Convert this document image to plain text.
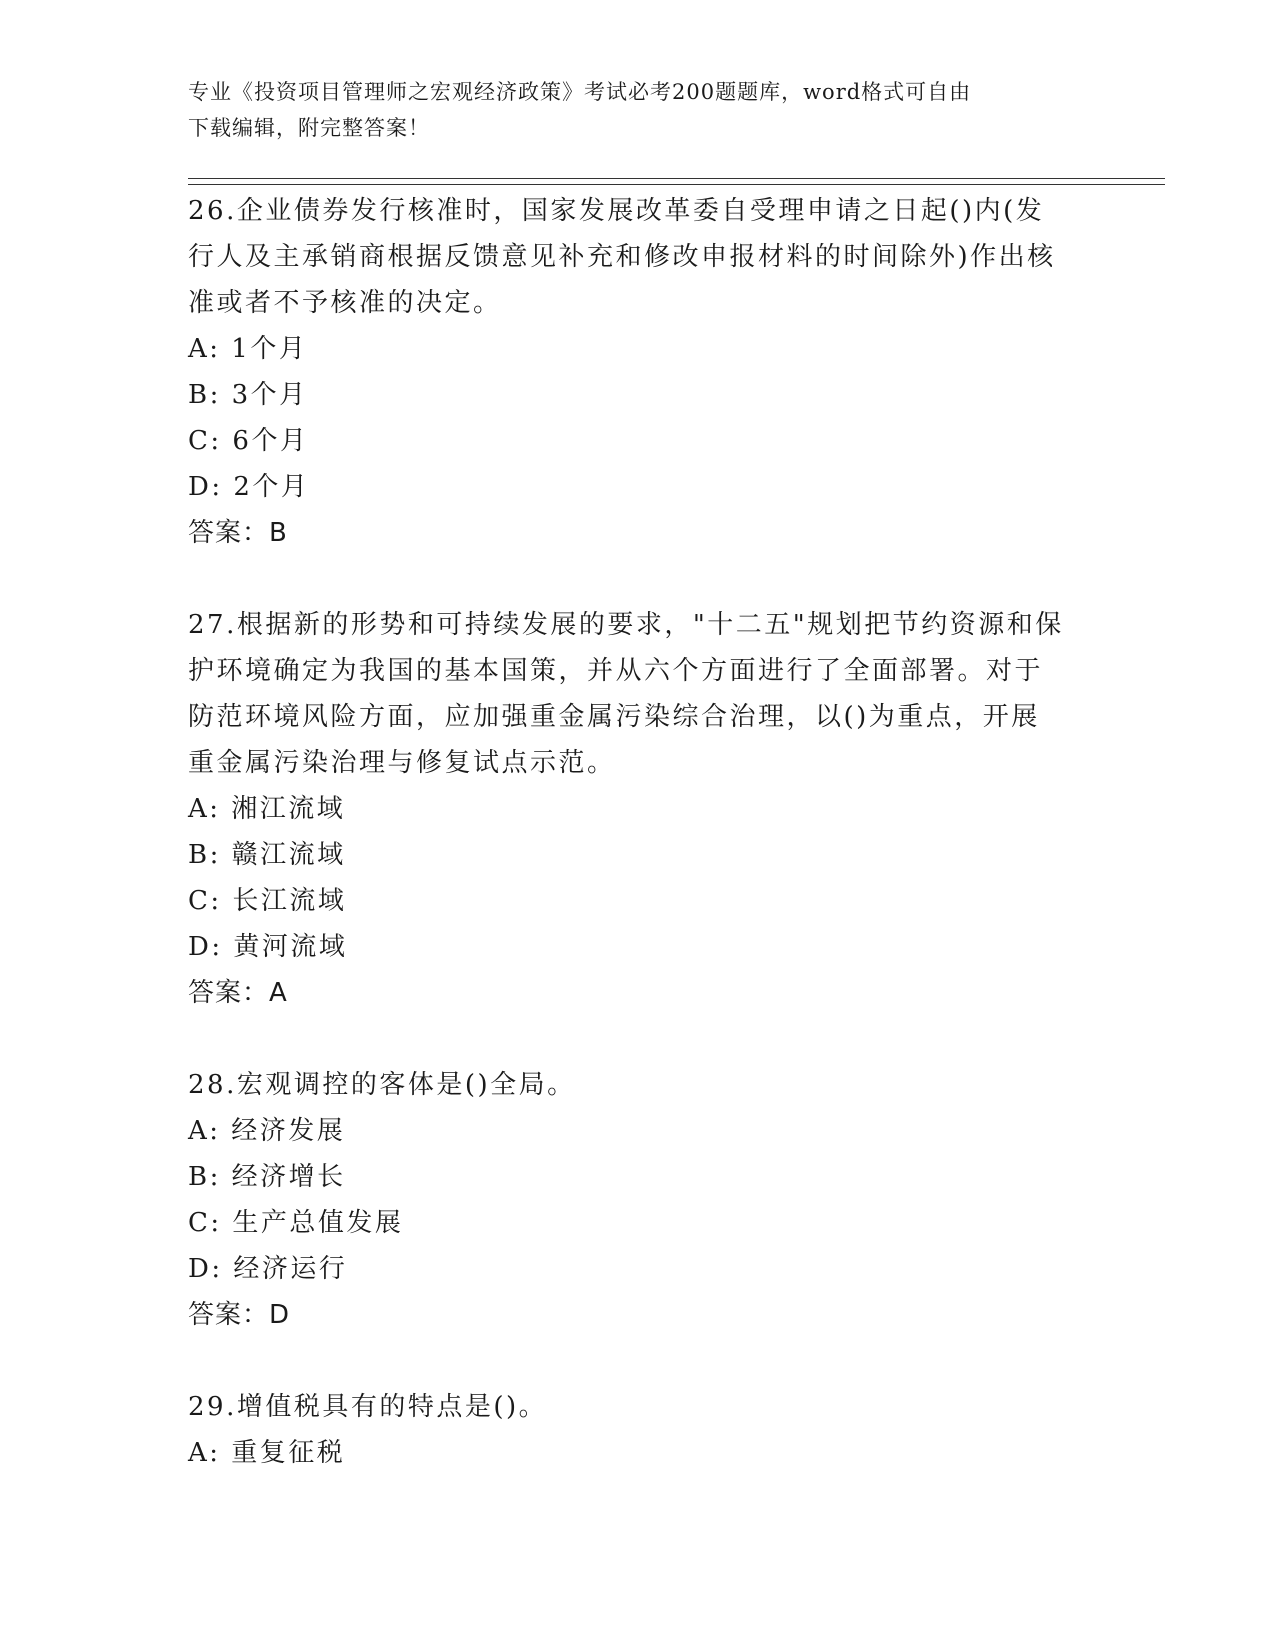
专业《投资项目管理师之宏观经济政策》考试必考200题题库，word格式可自由
下载编辑，附完整答案！
26.企业债券发行核准时，国家发展改革委自受理申请之日起()内(发
行人及主承销商根据反馈意见补充和修改申报材料的时间除外)作出核
准或者不予核准的决定。
A: 1个月
B: 3个月
C: 6个月
D: 2个月
答案：B
27.根据新的形势和可持续发展的要求，"十二五"规划把节约资源和保
护环境确定为我国的基本国策，并从六个方面进行了全面部署。对于
防范环境风险方面，应加强重金属污染综合治理，以()为重点，开展
重金属污染治理与修复试点示范。
A: 湘江流域
B: 赣江流域
C: 长江流域
D: 黄河流域
答案：A
28.宏观调控的客体是()全局。
A: 经济发展
B: 经济增长
C: 生产总值发展
D: 经济运行
答案：D
29.增值税具有的特点是()。
A: 重复征税
